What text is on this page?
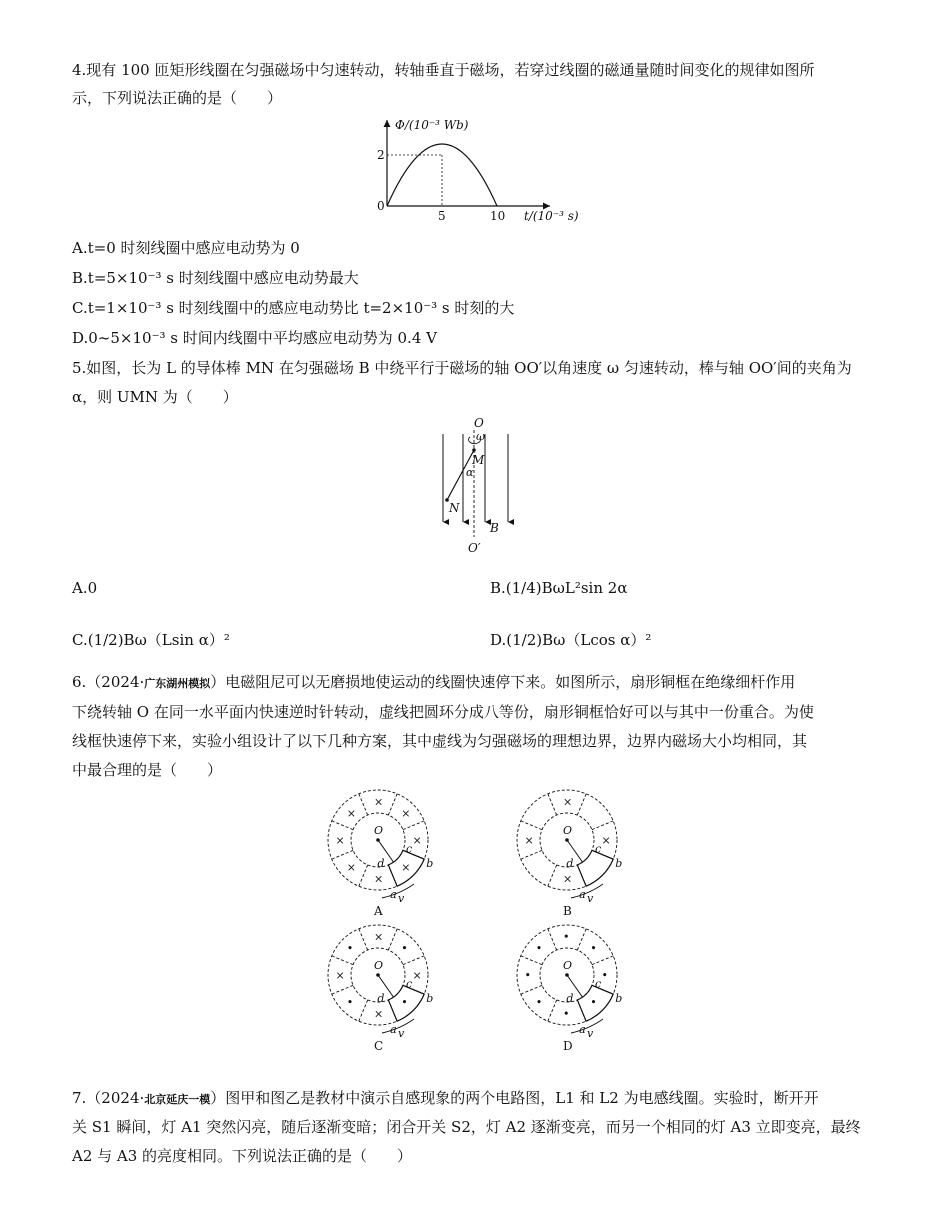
4.现有 100 匝矩形线圈在匀强磁场中匀速转动，转轴垂直于磁场，若穿过线圈的磁通量随时间变化的规律如图所
示，下列说法正确的是（　　）
Φ/(10⁻³ Wb)
t/(10⁻³ s)
0
2
5	10
A.t=0 时刻线圈中感应电动势为 0
B.t=5×10⁻³ s 时刻线圈中感应电动势最大
C.t=1×10⁻³ s 时刻线圈中的感应电动势比 t=2×10⁻³ s 时刻的大
D.0~5×10⁻³ s 时间内线圈中平均感应电动势为 0.4 V
5.如图，长为 L 的导体棒 MN 在匀强磁场 B 中绕平行于磁场的轴 OO′以角速度 ω 匀速转动，棒与轴 OO′间的夹角为
α，则 UMN 为（　　）
O
ω
M
α
N
B
O′
A.0	B.(1/4)BωL²sin 2α
C.(1/2)Bω（Lsin α）²	D.(1/2)Bω（Lcos α）²
6.（2024·广东湖州模拟）电磁阻尼可以无磨损地使运动的线圈快速停下来。如图所示，扇形铜框在绝缘细杆作用
下绕转轴 O 在同一水平面内快速逆时针转动，虚线把圆环分成八等份，扇形铜框恰好可以与其中一份重合。为使
线框快速停下来，实验小组设计了以下几种方案，其中虚线为匀强磁场的理想边界，边界内磁场大小均相同，其
中最合理的是（　　）
×
×
×
×
×
×
×
×
O
d
c
a
b
v
A
×
×
×
×
O
d
c
a
b
v
B
×
•
×
•
×
•
×
•
O
d
c
a
b
v
C
•
•
•
•
•
•
•
•
O
d
c
a
b
v
D
7.（2024·北京延庆一模）图甲和图乙是教材中演示自感现象的两个电路图，L1 和 L2 为电感线圈。实验时，断开开
关 S1 瞬间，灯 A1 突然闪亮，随后逐渐变暗；闭合开关 S2，灯 A2 逐渐变亮，而另一个相同的灯 A3 立即变亮，最终
A2 与 A3 的亮度相同。下列说法正确的是（　　）
